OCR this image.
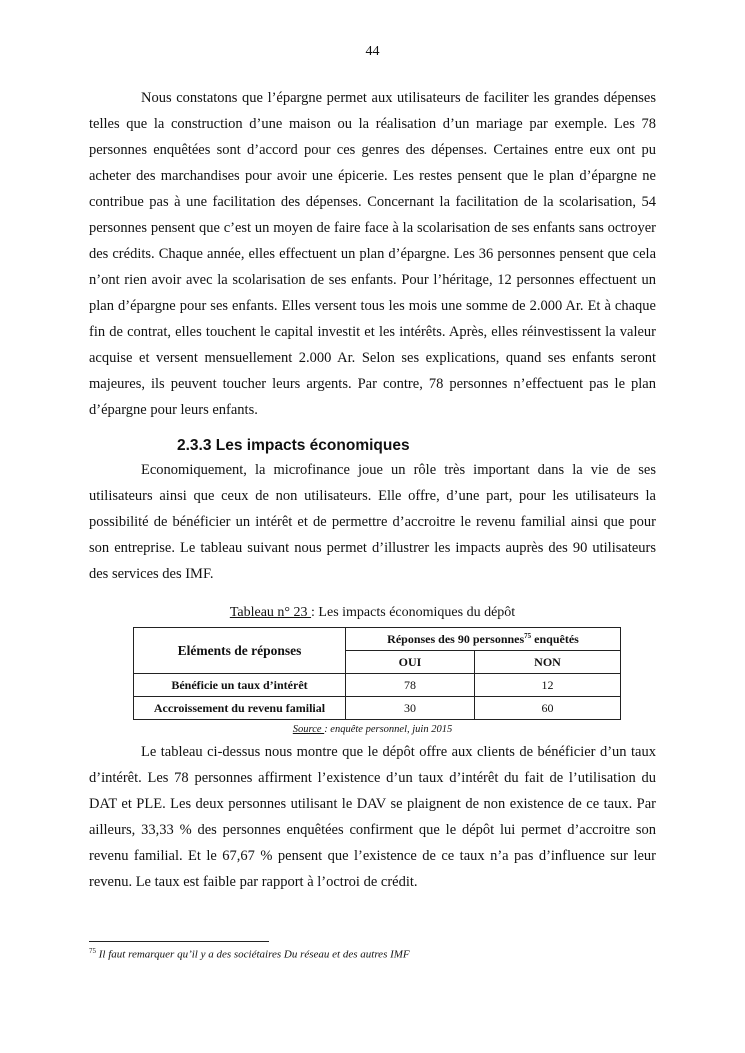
44

Nous constatons que l’épargne permet aux utilisateurs de faciliter les grandes dépenses telles que la construction d’une maison ou la réalisation d’un mariage par exemple. Les 78 personnes enquêtées sont d’accord pour ces genres des dépenses. Certaines entre eux ont pu acheter des marchandises pour avoir une épicerie. Les restes pensent que le plan d’épargne ne contribue pas à une facilitation des dépenses. Concernant la facilitation de la scolarisation, 54 personnes pensent que c’est un moyen de faire face à la scolarisation de ses enfants sans octroyer des crédits. Chaque année, elles effectuent un plan d’épargne. Les 36 personnes pensent que cela n’ont rien avoir avec la scolarisation de ses enfants. Pour l’héritage, 12 personnes effectuent un plan d’épargne pour ses enfants. Elles versent tous les mois une somme de 2.000 Ar. Et à chaque fin de contrat, elles touchent le capital investit et les intérêts. Après, elles réinvestissent la valeur acquise et versent mensuellement 2.000 Ar. Selon ses explications, quand ses enfants seront majeures, ils peuvent toucher leurs argents. Par contre, 78 personnes n’effectuent pas le plan d’épargne pour leurs enfants.

2.3.3 Les impacts économiques

Economiquement, la microfinance joue un rôle très important dans la vie de ses utilisateurs ainsi que ceux de non utilisateurs. Elle offre, d’une part, pour les utilisateurs la possibilité de bénéficier un intérêt et de permettre d’accroitre le revenu familial ainsi que pour son entreprise. Le tableau suivant nous permet d’illustrer les impacts auprès des 90 utilisateurs des services des IMF.

Tableau n° 23 : Les impacts économiques du dépôt
Eléments de réponses	Réponses des 90 personnes$^{75}$ enquêtés	
	OUI	NON
Bénéficie un taux d’intérêt	78	12
Accroissement du revenu familial	30	60
Source : enquête personnel, juin 2015

Le tableau ci-dessus nous montre que le dépôt offre aux clients de bénéficier d’un taux d’intérêt. Les 78 personnes affirment l’existence d’un taux d’intérêt du fait de l’utilisation du DAT et PLE. Les deux personnes utilisant le DAV se plaignent de non existence de ce taux. Par ailleurs, 33,33 % des personnes enquêtées confirment que le dépôt lui permet d’accroitre son revenu familial. Et le 67,67 % pensent que l’existence de ce taux n’a pas d’influence sur leur revenu. Le taux est faible par rapport à l’octroi de crédit.

$^{75}$ Il faut remarquer qu’il y a des sociétaires Du réseau et des autres IMF
